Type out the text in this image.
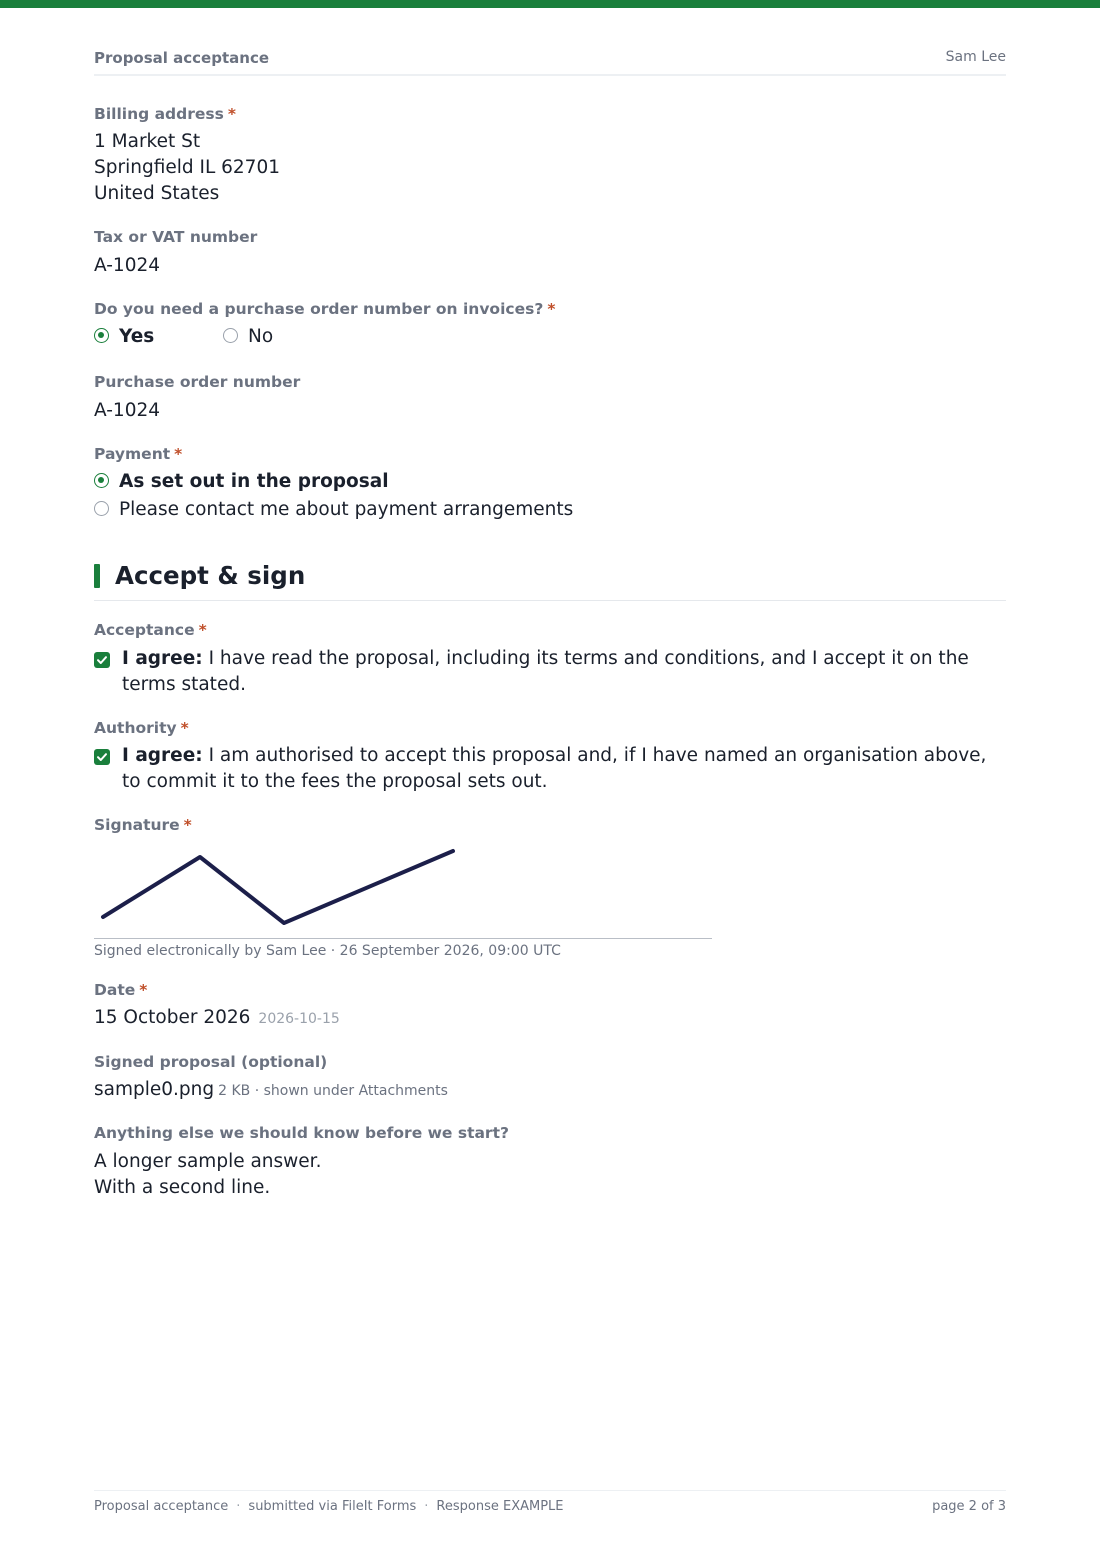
Proposal acceptance	Sam Lee
Billing address *
1 Market St
Springfield IL 62701
United States
Tax or VAT number
A-1024
Do you need a purchase order number on invoices? *
Yes	No
Purchase order number
A-1024
Payment *
As set out in the proposal
Please contact me about payment arrangements
Accept & sign
Acceptance *
I agree: I have read the proposal, including its terms and conditions, and I accept it on the terms stated.
Authority *
I agree: I am authorised to accept this proposal and, if I have named an organisation above, to commit it to the fees the proposal sets out.
Signature *
Signed electronically by Sam Lee · 26 September 2026, 09:00 UTC
Date *
15 October 2026 2026-10-15
Signed proposal (optional)
sample0.png 2 KB · shown under Attachments
Anything else we should know before we start?
A longer sample answer.
With a second line.
Proposal acceptance · submitted via FileIt Forms · Response EXAMPLE	page 2 of 3
